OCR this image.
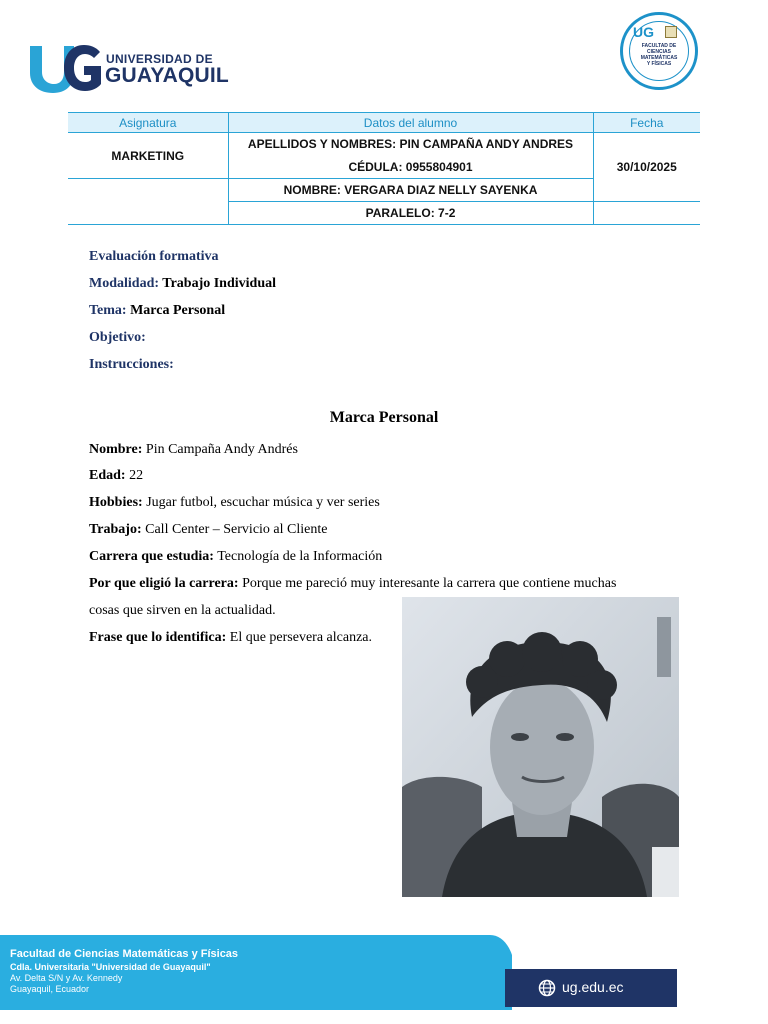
UNIVERSIDAD DE
GUAYAQUIL
UG
FACULTAD DE
CIENCIAS
MATEMÁTICAS
Y FÍSICAS
Asignatura	Datos del alumno	Fecha
MARKETING	APELLIDOS Y NOMBRES: PIN CAMPAÑA ANDY ANDRES	30/10/2025
	CÉDULA: 0955804901	
	NOMBRE: VERGARA DIAZ NELLY SAYENKA	
	PARALELO: 7-2	
Evaluación formativa
Modalidad: Trabajo Individual
Tema: Marca Personal
Objetivo:
Instrucciones:
Marca Personal
Nombre: Pin Campaña Andy Andrés
Edad: 22
Hobbies: Jugar futbol, escuchar música y ver series
Trabajo: Call Center – Servicio al Cliente
Carrera que estudia: Tecnología de la Información
Por que eligió la carrera: Porque me pareció muy interesante la carrera que contiene muchas
cosas que sirven en la actualidad.
Frase que lo identifica: El que persevera alcanza.
Facultad de Ciencias Matemáticas y Físicas
Cdla. Universitaria "Universidad de Guayaquil"
Av. Delta S/N y Av. Kennedy
Guayaquil, Ecuador	ug.edu.ec
